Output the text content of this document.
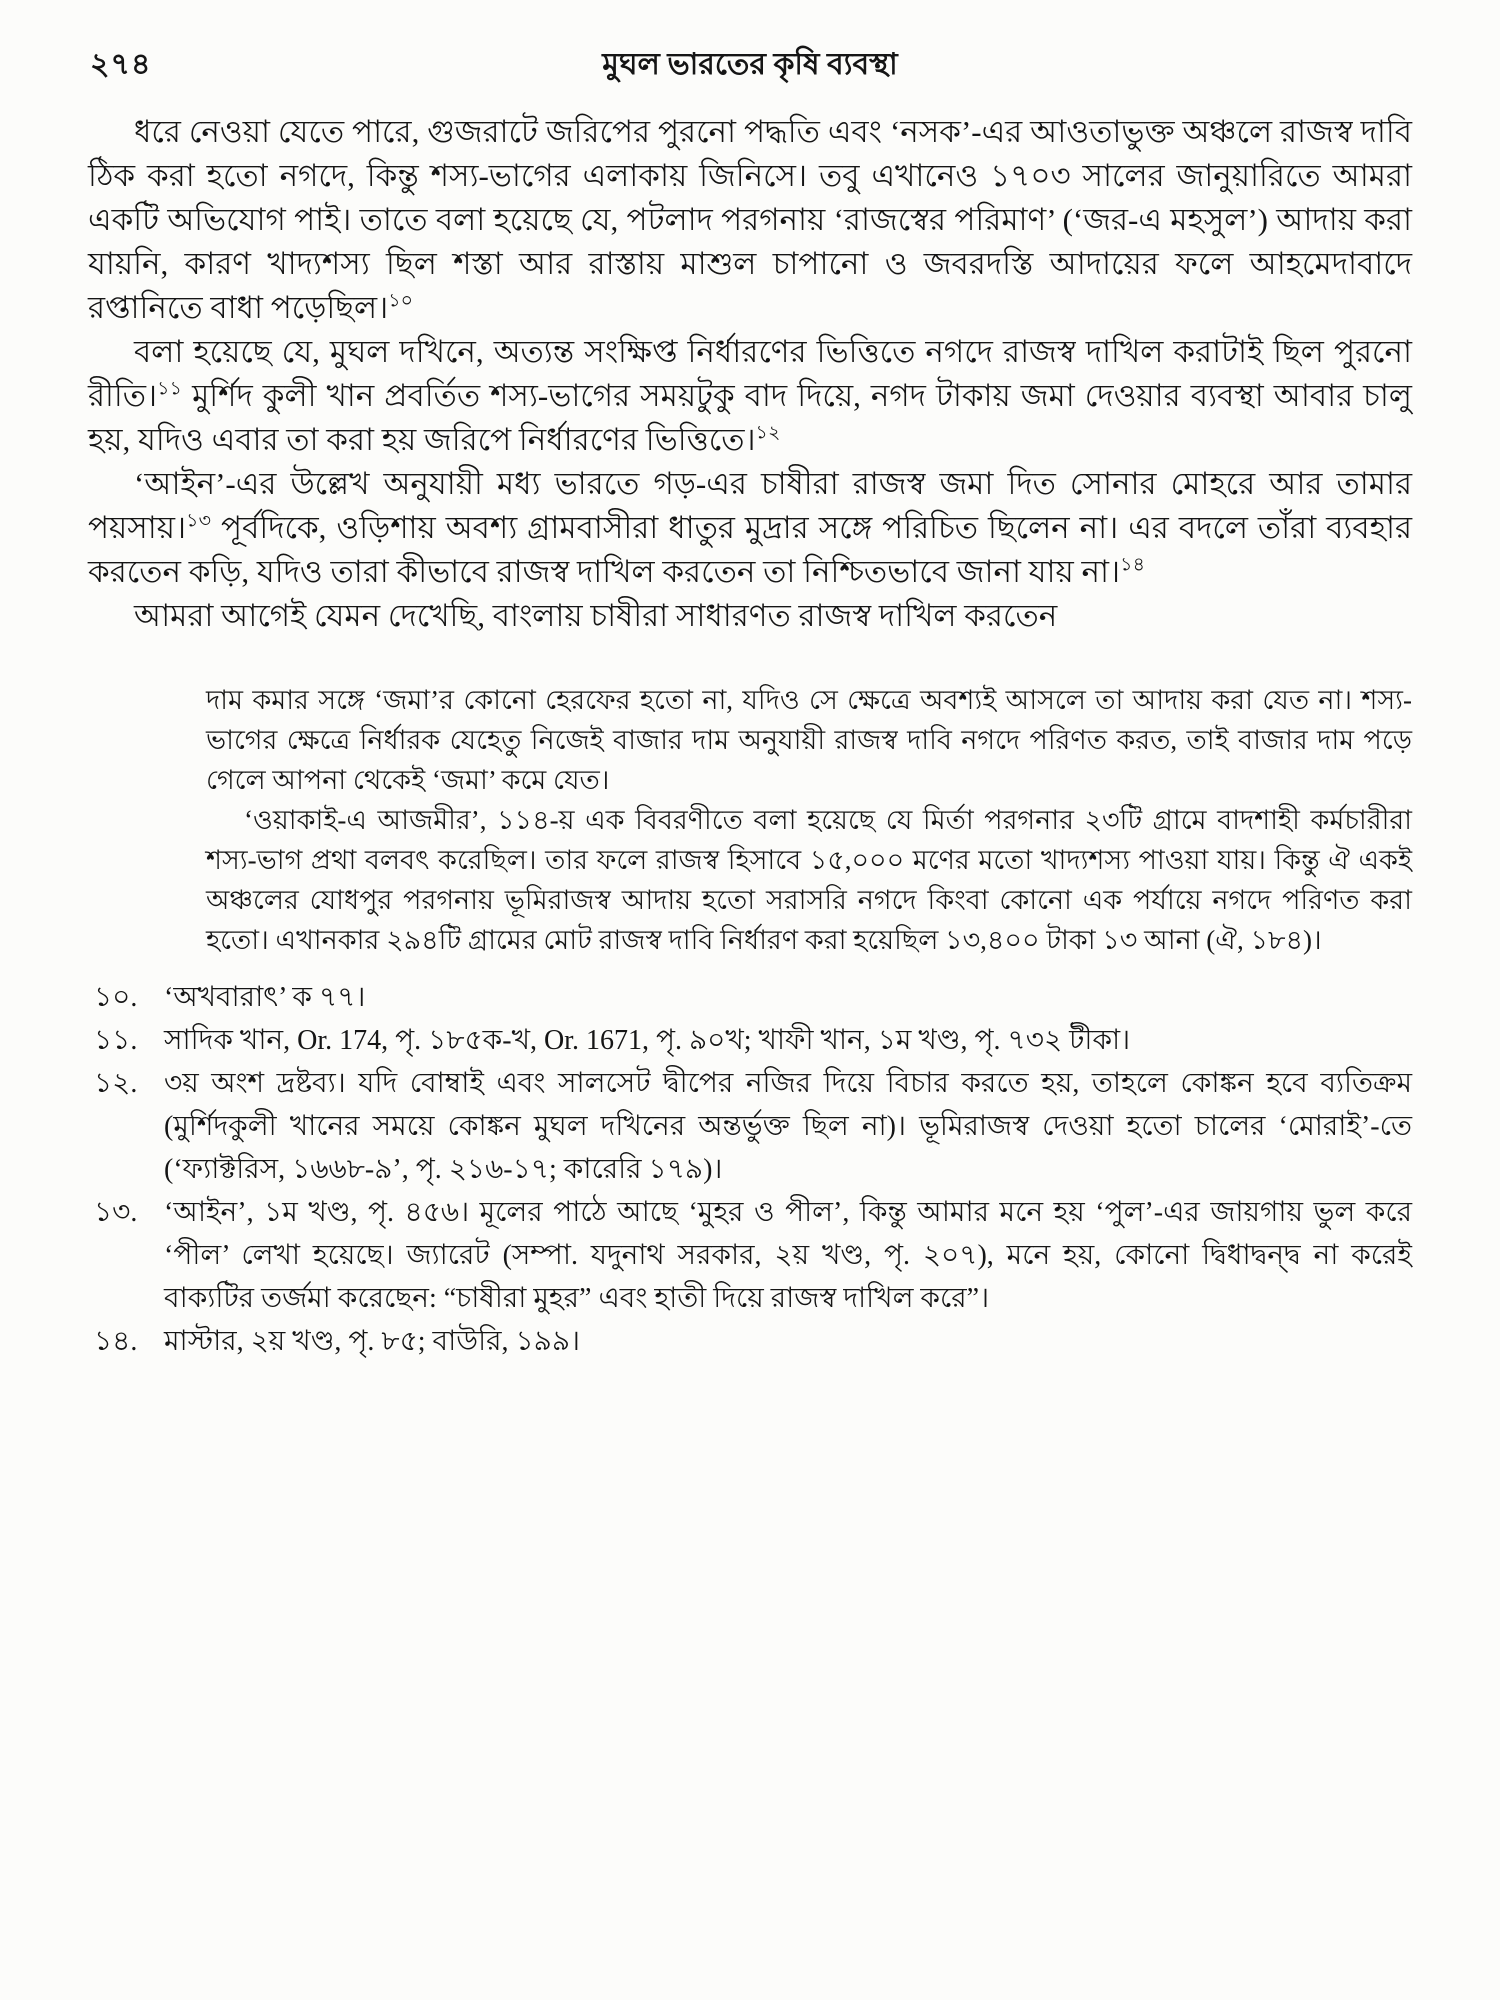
২৭৪	মুঘল ভারতের কৃষি ব্যবস্থা

ধরে নেওয়া যেতে পারে, গুজরাটে জরিপের পুরনো পদ্ধতি এবং ‘নসক’-এর আওতাভুক্ত অঞ্চলে রাজস্ব দাবি ঠিক করা হতো নগদে, কিন্তু শস্য-ভাগের এলাকায় জিনিসে। তবু এখানেও ১৭০৩ সালের জানুয়ারিতে আমরা একটি অভিযোগ পাই। তাতে বলা হয়েছে যে, পটলাদ পরগনায় ‘রাজস্বের পরিমাণ’ (‘জর-এ মহসুল’) আদায় করা যায়নি, কারণ খাদ্যশস্য ছিল শস্তা আর রাস্তায় মাশুল চাপানো ও জবরদস্তি আদায়ের ফলে আহমেদাবাদে রপ্তানিতে বাধা পড়েছিল।$^{১০}$

বলা হয়েছে যে, মুঘল দখিনে, অত্যন্ত সংক্ষিপ্ত নির্ধারণের ভিত্তিতে নগদে রাজস্ব দাখিল করাটাই ছিল পুরনো রীতি।$^{১১}$ মুর্শিদ কুলী খান প্রবর্তিত শস্য-ভাগের সময়টুকু বাদ দিয়ে, নগদ টাকায় জমা দেওয়ার ব্যবস্থা আবার চালু হয়, যদিও এবার তা করা হয় জরিপে নির্ধারণের ভিত্তিতে।$^{১২}$

‘আইন’-এর উল্লেখ অনুযায়ী মধ্য ভারতে গড়-এর চাষীরা রাজস্ব জমা দিত সোনার মোহরে আর তামার পয়সায়।$^{১৩}$ পূর্বদিকে, ওড়িশায় অবশ্য গ্রামবাসীরা ধাতুর মুদ্রার সঙ্গে পরিচিত ছিলেন না। এর বদলে তাঁরা ব্যবহার করতেন কড়ি, যদিও তারা কীভাবে রাজস্ব দাখিল করতেন তা নিশ্চিতভাবে জানা যায় না।$^{১৪}$

আমরা আগেই যেমন দেখেছি, বাংলায় চাষীরা সাধারণত রাজস্ব দাখিল করতেন

দাম কমার সঙ্গে ‘জমা’র কোনো হেরফের হতো না, যদিও সে ক্ষেত্রে অবশ্যই আসলে তা আদায় করা যেত না। শস্য-ভাগের ক্ষেত্রে নির্ধারক যেহেতু নিজেই বাজার দাম অনুযায়ী রাজস্ব দাবি নগদে পরিণত করত, তাই বাজার দাম পড়ে গেলে আপনা থেকেই ‘জমা’ কমে যেত।

‘ওয়াকাই-এ আজমীর’, ১১৪-য় এক বিবরণীতে বলা হয়েছে যে মির্তা পরগনার ২৩টি গ্রামে বাদশাহী কর্মচারীরা শস্য-ভাগ প্রথা বলবৎ করেছিল। তার ফলে রাজস্ব হিসাবে ১৫,০০০ মণের মতো খাদ্যশস্য পাওয়া যায়। কিন্তু ঐ একই অঞ্চলের যোধপুর পরগনায় ভূমিরাজস্ব আদায় হতো সরাসরি নগদে কিংবা কোনো এক পর্যায়ে নগদে পরিণত করা হতো। এখানকার ২৯৪টি গ্রামের মোট রাজস্ব দাবি নির্ধারণ করা হয়েছিল ১৩,৪০০ টাকা ১৩ আনা (ঐ, ১৮৪)।

১০. ‘অখবারাৎ’ ক ৭৭।
১১. সাদিক খান, Or. 174, পৃ. ১৮৫ক-খ, Or. 1671, পৃ. ৯০খ; খাফী খান, ১ম খণ্ড, পৃ. ৭৩২ টীকা।
১২. ৩য় অংশ দ্রষ্টব্য। যদি বোম্বাই এবং সালসেট দ্বীপের নজির দিয়ে বিচার করতে হয়, তাহলে কোঙ্কন হবে ব্যতিক্রম (মুর্শিদকুলী খানের সময়ে কোঙ্কন মুঘল দখিনের অন্তর্ভুক্ত ছিল না)। ভূমিরাজস্ব দেওয়া হতো চালের ‘মোরাই’-তে (‘ফ্যাক্টরিস, ১৬৬৮-৯’, পৃ. ২১৬-১৭; কারেরি ১৭৯)।
১৩. ‘আইন’, ১ম খণ্ড, পৃ. ৪৫৬। মূলের পাঠে আছে ‘মুহর ও পীল’, কিন্তু আমার মনে হয় ‘পুল’-এর জায়গায় ভুল করে ‘পীল’ লেখা হয়েছে। জ্যারেট (সম্পা. যদুনাথ সরকার, ২য় খণ্ড, পৃ. ২০৭), মনে হয়, কোনো দ্বিধাদ্বন্দ্ব না করেই বাক্যটির তর্জমা করেছেন: “চাষীরা মুহর” এবং হাতী দিয়ে রাজস্ব দাখিল করে”।
১৪. মাস্টার, ২য় খণ্ড, পৃ. ৮৫; বাউরি, ১৯৯।
